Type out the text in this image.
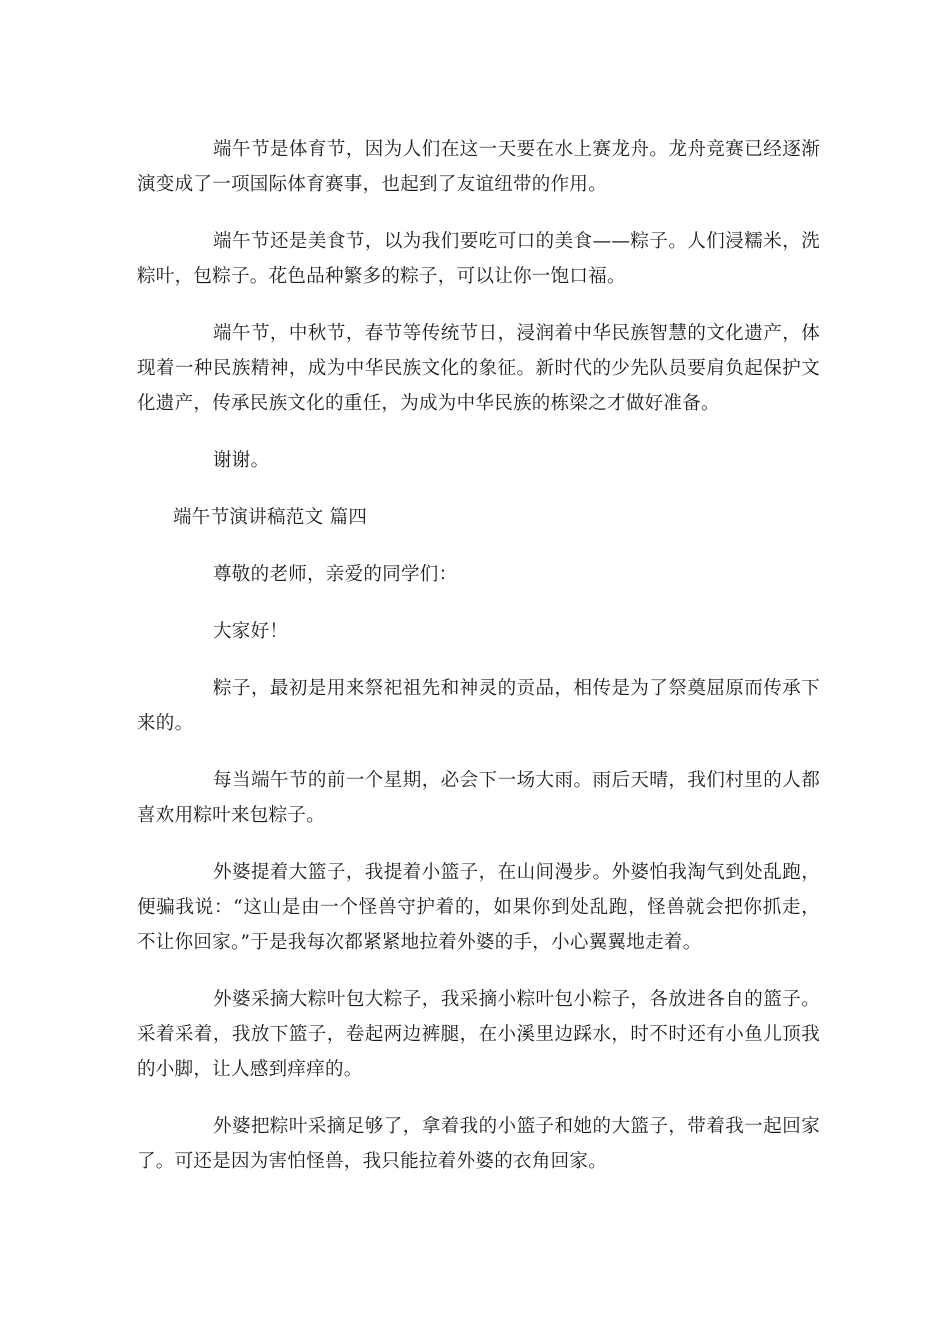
端午节是体育节，因为人们在这一天要在水上赛龙舟。龙舟竞赛已经逐渐演变成了一项国际体育赛事，也起到了友谊纽带的作用。

端午节还是美食节，以为我们要吃可口的美食——粽子。人们浸糯米，洗粽叶，包粽子。花色品种繁多的粽子，可以让你一饱口福。

端午节，中秋节，春节等传统节日，浸润着中华民族智慧的文化遗产，体现着一种民族精神，成为中华民族文化的象征。新时代的少先队员要肩负起保护文化遗产，传承民族文化的重任，为成为中华民族的栋梁之才做好准备。

谢谢。

端午节演讲稿范文 篇四

尊敬的老师，亲爱的同学们：

大家好！

粽子，最初是用来祭祀祖先和神灵的贡品，相传是为了祭奠屈原而传承下来的。

每当端午节的前一个星期，必会下一场大雨。雨后天晴，我们村里的人都喜欢用粽叶来包粽子。

外婆提着大篮子，我提着小篮子，在山间漫步。外婆怕我淘气到处乱跑，便骗我说：“这山是由一个怪兽守护着的，如果你到处乱跑，怪兽就会把你抓走，不让你回家。”于是我每次都紧紧地拉着外婆的手，小心翼翼地走着。

外婆采摘大粽叶包大粽子，我采摘小粽叶包小粽子，各放进各自的篮子。采着采着，我放下篮子，卷起两边裤腿，在小溪里边踩水，时不时还有小鱼儿顶我的小脚，让人感到痒痒的。

外婆把粽叶采摘足够了，拿着我的小篮子和她的大篮子，带着我一起回家了。可还是因为害怕怪兽，我只能拉着外婆的衣角回家。
